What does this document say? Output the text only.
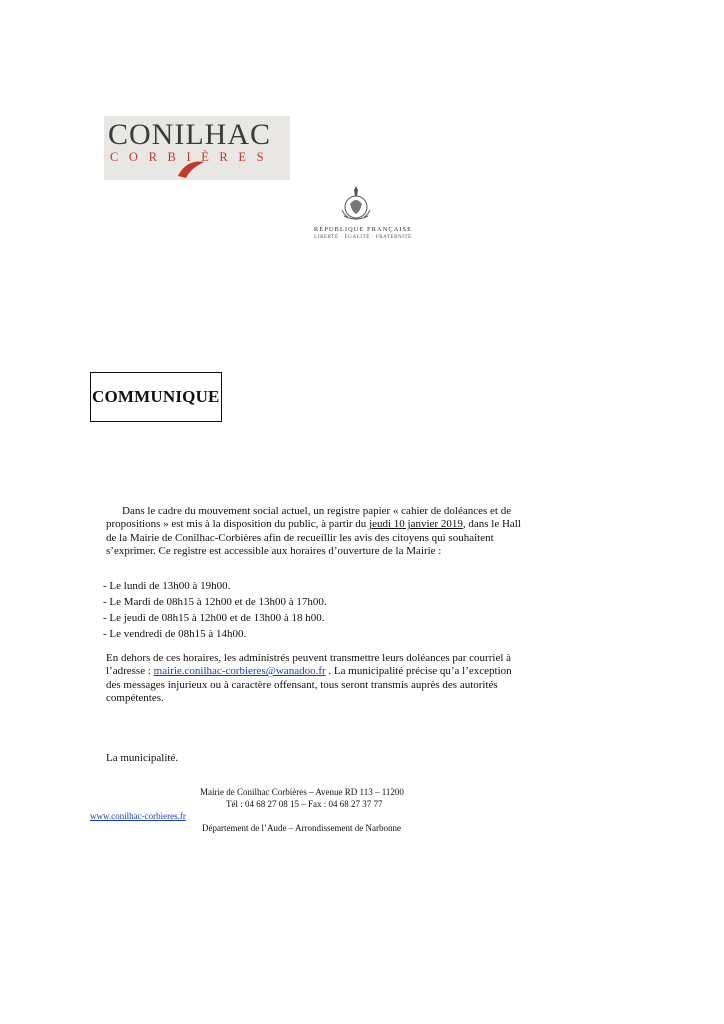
CONILHAC
CORBIÈRES
RÉPUBLIQUE FRANÇAISE
LIBERTÉ · ÉGALITÉ · FRATERNITÉ
COMMUNIQUE
Dans le cadre du mouvement social actuel, un registre papier « cahier de doléances et de propositions » est mis à la disposition du public, à partir du jeudi 10 janvier 2019, dans le Hall de la Mairie de Conilhac-Corbières afin de recueillir les avis des citoyens qui souhaitent s’exprimer. Ce registre est accessible aux horaires d’ouverture de la Mairie :
- Le lundi de 13h00 à 19h00.
- Le Mardi de 08h15 à 12h00 et de 13h00 à 17h00.
- Le jeudi de 08h15 à 12h00 et de 13h00 à 18 h00.
- Le vendredi de 08h15 à 14h00.
En dehors de ces horaires, les administrés peuvent transmettre leurs doléances par courriel à l’adresse : mairie.conilhac-corbieres@wanadoo.fr . La municipalité précise qu’a l’exception des messages injurieux ou à caractère offensant, tous seront transmis auprès des autorités compétentes.
La municipalité.
Mairie de Conilhac Corbières – Avenue RD 113 – 11200
Tél : 04 68 27 08 15 – Fax : 04 68 27 37 77
www.conilhac-corbieres.fr
Département de l’Aude – Arrondissement de Narbonne
